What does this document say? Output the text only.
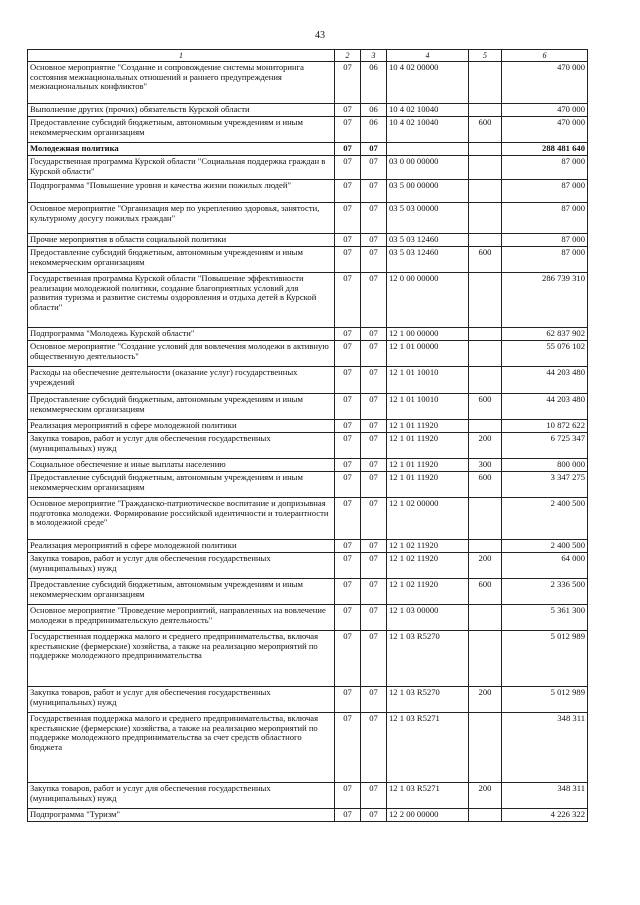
43
1	2	3	4	5	6
Основное мероприятие "Создание и сопровождение системы мониторинга состояния межнациональных отношений и раннего предупреждения межнациональных конфликтов"	07	06	10 4 02 00000		470 000
Выполнение других (прочих) обязательств Курской области	07	06	10 4 02 10040		470 000
Предоставление субсидий бюджетным, автономным учреждениям и иным некоммерческим организациям	07	06	10 4 02 10040	600	470 000
Молодежная политика	07	07			288 481 640
Государственная программа Курской области "Социальная поддержка граждан в Курской области"	07	07	03 0 00 00000		87 000
Подпрограмма "Повышение уровня и качества жизни пожилых людей"	07	07	03 5 00 00000		87 000
Основное мероприятие "Организация мер по укреплению здоровья, занятости, культурному досугу пожилых граждан"	07	07	03 5 03 00000		87 000
Прочие мероприятия в области социальной политики	07	07	03 5 03 12460		87 000
Предоставление субсидий бюджетным, автономным учреждениям и иным некоммерческим организациям	07	07	03 5 03 12460	600	87 000
Государственная программа Курской области "Повышение эффективности реализации молодежной политики, создание благоприятных условий для развития туризма и развитие системы оздоровления и отдыха детей в Курской области"	07	07	12 0 00 00000		286 739 310
Подпрограмма "Молодежь Курской области"	07	07	12 1 00 00000		62 837 902
Основное мероприятие "Создание условий для вовлечения молодежи в активную общественную деятельность"	07	07	12 1 01 00000		55 076 102
Расходы на обеспечение деятельности (оказание услуг) государственных учреждений	07	07	12 1 01 10010		44 203 480
Предоставление субсидий бюджетным, автономным учреждениям и иным некоммерческим организациям	07	07	12 1 01 10010	600	44 203 480
Реализация мероприятий в сфере молодежной политики	07	07	12 1 01 11920		10 872 622
Закупка товаров, работ и услуг для обеспечения государственных (муниципальных) нужд	07	07	12 1 01 11920	200	6 725 347
Социальное обеспечение и иные выплаты населению	07	07	12 1 01 11920	300	800 000
Предоставление субсидий бюджетным, автономным учреждениям и иным некоммерческим организациям	07	07	12 1 01 11920	600	3 347 275
Основное мероприятие "Гражданско-патриотическое воспитание и допризывная подготовка молодежи. Формирование российской идентичности и толерантности в молодежной среде"	07	07	12 1 02 00000		2 400 500
Реализация мероприятий в сфере молодежной политики	07	07	12 1 02 11920		2 400 500
Закупка товаров, работ и услуг для обеспечения государственных (муниципальных) нужд	07	07	12 1 02 11920	200	64 000
Предоставление субсидий бюджетным, автономным учреждениям и иным некоммерческим организациям	07	07	12 1 02 11920	600	2 336 500
Основное мероприятие "Проведение мероприятий, направленных на вовлечение молодежи в предпринимательскую деятельность"	07	07	12 1 03 00000		5 361 300
Государственная поддержка малого и среднего предпринимательства, включая крестьянские (фермерские) хозяйства, а также на реализацию мероприятий по поддержке молодежного предпринимательства	07	07	12 1 03 R5270		5 012 989
Закупка товаров, работ и услуг для обеспечения государственных (муниципальных) нужд	07	07	12 1 03 R5270	200	5 012 989
Государственная поддержка малого и среднего предпринимательства, включая крестьянские (фермерские) хозяйства, а также на реализацию мероприятий по поддержке молодежного предпринимательства за счет средств областного бюджета	07	07	12 1 03 R5271		348 311
Закупка товаров, работ и услуг для обеспечения государственных (муниципальных) нужд	07	07	12 1 03 R5271	200	348 311
Подпрограмма "Туризм"	07	07	12 2 00 00000		4 226 322
